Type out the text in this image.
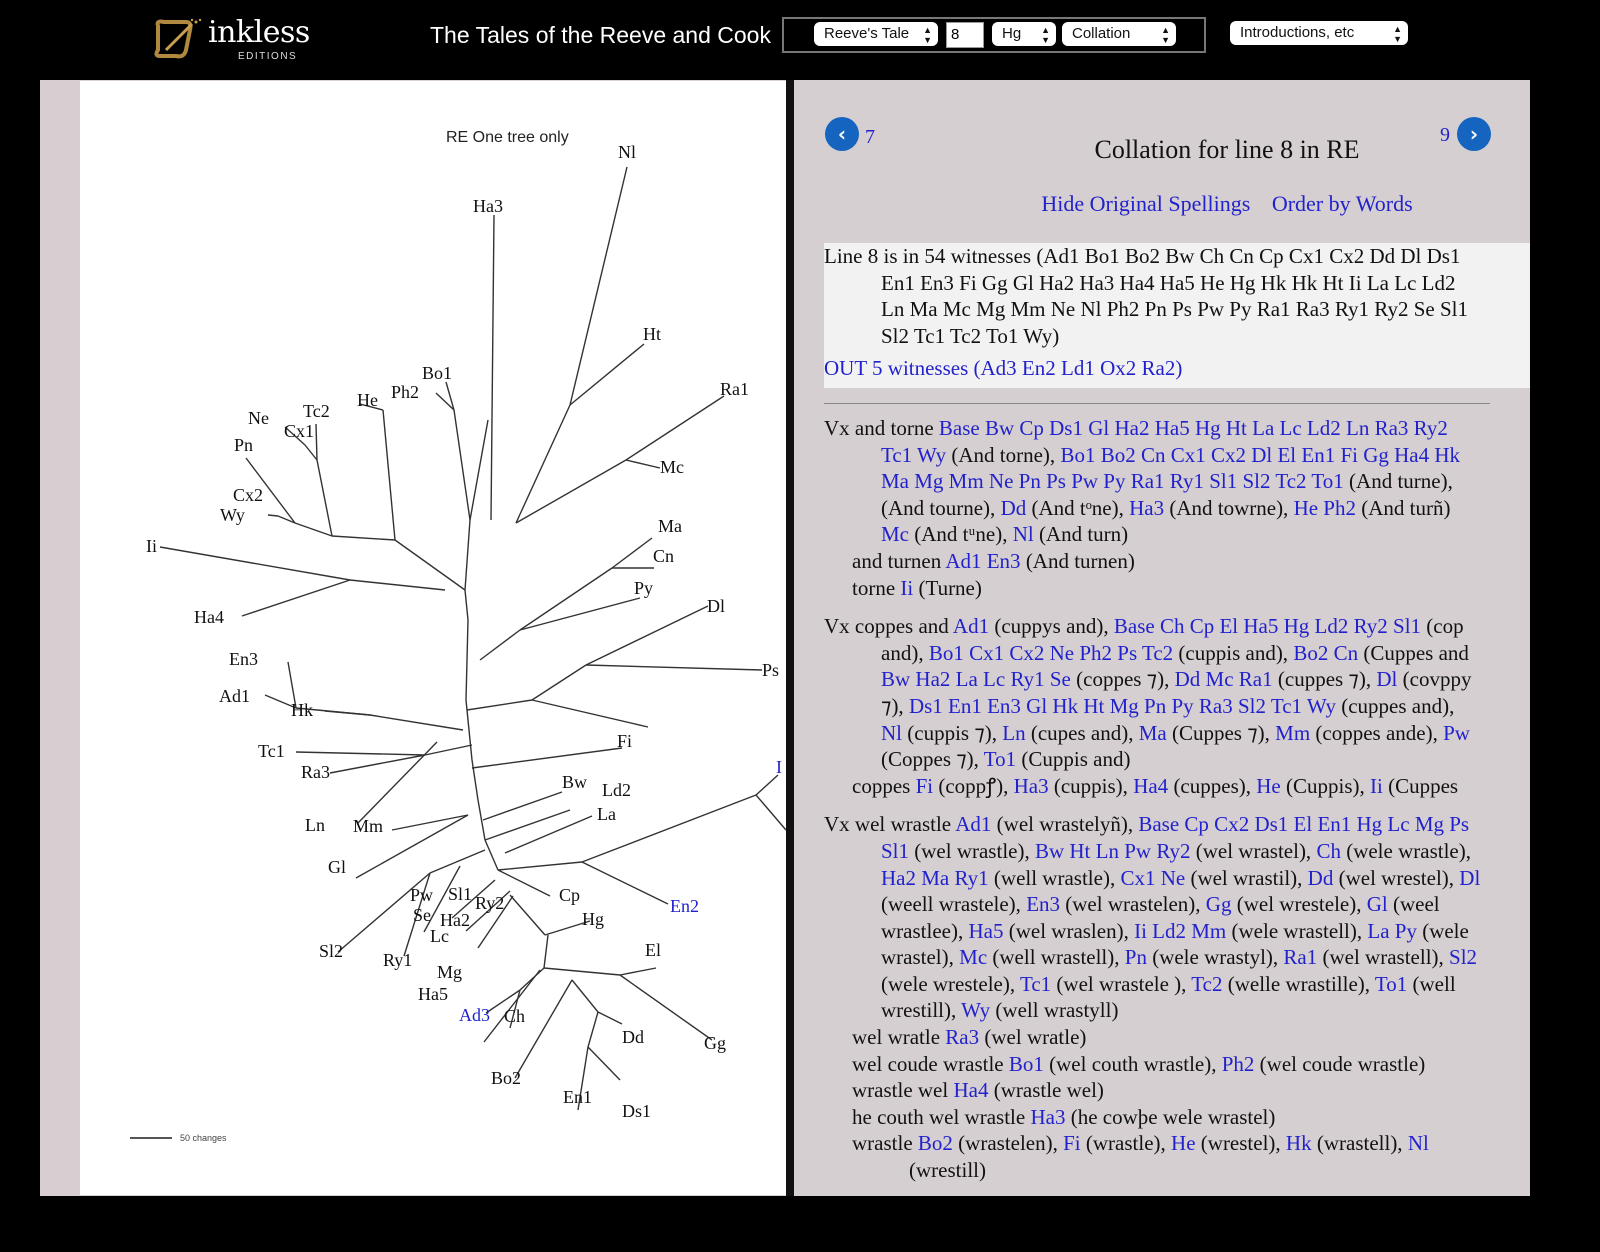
inkless
EDITIONS
The Tales of the Reeve and Cook	Reeve's Tale ▲
▼	8	Hg ▲
▼	Collation	▲
▼	Introductions, etc	▲
▼
RE One tree only
Nl
Ha3
Ht
Ra1
Mc
Bo1
Ph2
He
Tc2
Ne
Cx1
Pn
Cx2
Wy
Ii
Ha4
Ma
Cn
Py
Dl
Ps
En3
Ad1
Hk
Fi
Tc1
Ra3	Bw Ld2
La
Ln Mm
Gl
Cp
En2
Pw Sl1 Ry2
Se Ha2	Hg
Lc
El
Sl2 Ry1
Mg
Ha5
Ad3 Ch
Dd	Gg
Bo2
En1
Ds1
I
50 changes
‹ 7	9 ›
Collation for line 8 in RE
Hide Original Spellings Order by Words
Line 8 is in 54 witnesses (Ad1 Bo1 Bo2 Bw Ch Cn Cp Cx1 Cx2 Dd Dl Ds1
En1 En3 Fi Gg Gl Ha2 Ha3 Ha4 Ha5 He Hg Hk Hk Ht Ii La Lc Ld2
Ln Ma Mc Mg Mm Ne Nl Ph2 Pn Ps Pw Py Ra1 Ra3 Ry1 Ry2 Se Sl1
Sl2 Tc1 Tc2 To1 Wy)
OUT 5 witnesses (Ad3 En2 Ld1 Ox2 Ra2)
Vx and torne Base Bw Cp Ds1 Gl Ha2 Ha5 Hg Ht La Lc Ld2 Ln Ra3 Ry2
Tc1 Wy (And torne), Bo1 Bo2 Cn Cx1 Cx2 Dl El En1 Fi Gg Ha4 Hk
Ma Mg Mm Ne Pn Ps Pw Py Ra1 Ry1 Sl1 Sl2 Tc2 To1 (And turne),
(And tourne), Dd (And tᵒne), Ha3 (And towrne), He Ph2 (And turñ)
Mc (And tᵘne), Nl (And turn)
and turnen Ad1 En3 (And turnen)
torne Ii (Turne)
Vx coppes and Ad1 (cuppys and), Base Ch Cp El Ha5 Hg Ld2 Ry2 Sl1 (cop
and), Bo1 Cx1 Cx2 Ne Ph2 Ps Tc2 (cuppis and), Bo2 Cn (Cuppes and
Bw Ha2 La Lc Ry1 Se (coppes ⁊), Dd Mc Ra1 (cuppes ⁊), Dl (covppy
⁊), Ds1 En1 En3 Gl Hk Ht Mg Pn Py Ra3 Sl2 Tc1 Wy (cuppes and),
Nl (cuppis ⁊), Ln (cupes and), Ma (Cuppes ⁊), Mm (coppes ande), Pw
(Coppes ⁊), To1 (Cuppis and)
coppes Fi (coppꝭ), Ha3 (cuppis), Ha4 (cuppes), He (Cuppis), Ii (Cuppes
Vx wel wrastle Ad1 (wel wrastelyñ), Base Cp Cx2 Ds1 El En1 Hg Lc Mg Ps
Sl1 (wel wrastle), Bw Ht Ln Pw Ry2 (wel wrastel), Ch (wele wrastle),
Ha2 Ma Ry1 (well wrastle), Cx1 Ne (wel wrastil), Dd (wel wrestel), Dl
(weell wrastele), En3 (wel wrastelen), Gg (wel wrestele), Gl (weel
wrastlee), Ha5 (wel wraslen), Ii Ld2 Mm (wele wrastell), La Py (wele
wrastel), Mc (well wrastell), Pn (wele wrastyl), Ra1 (wel wrastell), Sl2
(wele wrestele), Tc1 (wel wrastele ), Tc2 (welle wrastille), To1 (well
wrestill), Wy (well wrastyll)
wel wratle Ra3 (wel wratle)
wel coude wrastle Bo1 (wel couth wrastle), Ph2 (wel coude wrastle)
wrastle wel Ha4 (wrastle wel)
he couth wel wrastle Ha3 (he cowþe wele wrastel)
wrastle Bo2 (wrastelen), Fi (wrastle), He (wrestel), Hk (wrastell), Nl
(wrestill)
